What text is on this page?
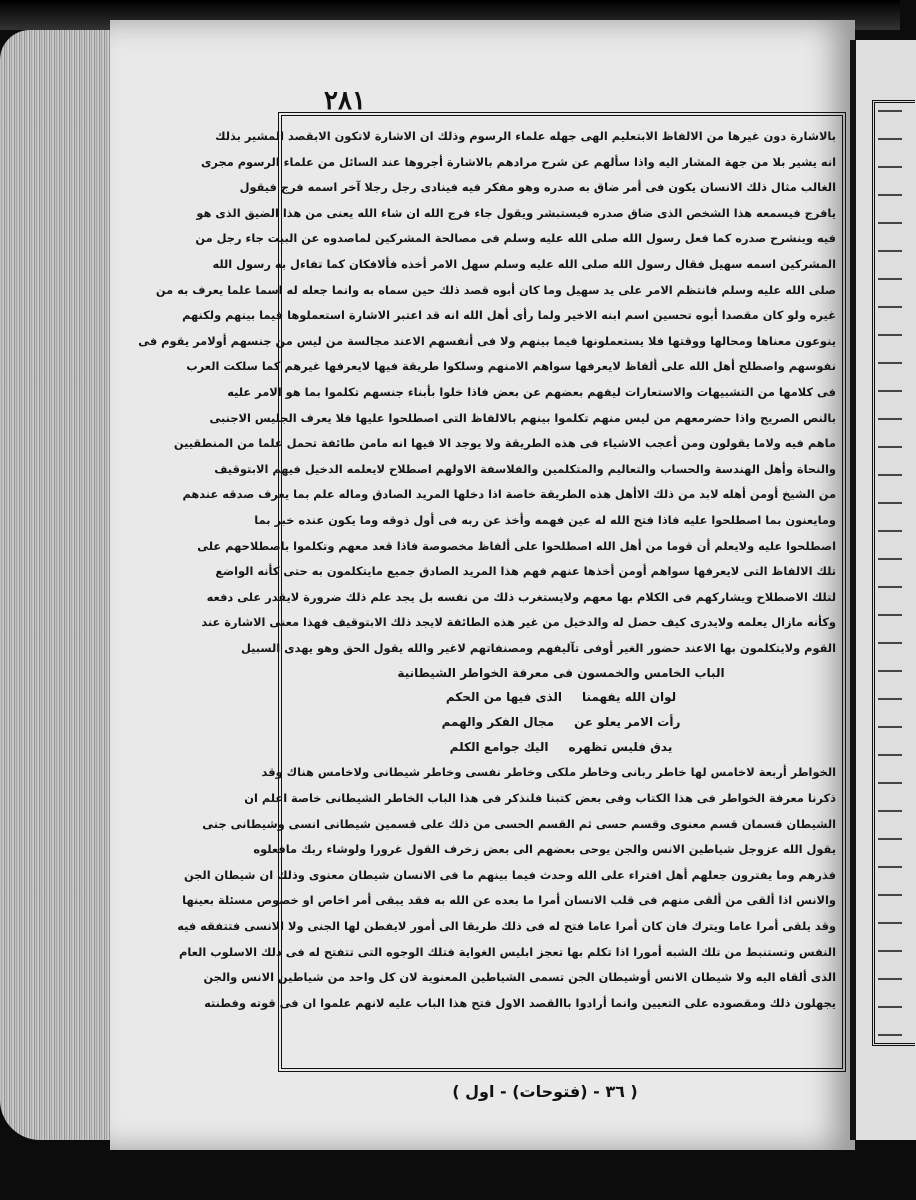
٢٨١
بالاشارة دون غيرها من الالفاظ الابتعليم الهى جهله علماء الرسوم وذلك ان الاشارة لاتكون الابقصد المشير بذلك
انه يشير بلا من جهة المشار اليه واذا سألهم عن شرح مرادهم بالاشارة أجروها عند السائل من علماء الرسوم مجرى
الغالب مثال ذلك الانسان يكون فى أمر ضاق به صدره وهو مفكر فيه فينادى رجل رجلا آخر اسمه فرج فيقول
يافرج فيسمعه هذا الشخص الذى ضاق صدره فيستبشر ويقول جاء فرج الله ان شاء الله يعنى من هذا الضيق الذى هو
فيه وينشرح صدره كما فعل رسول الله صلى الله عليه وسلم فى مصالحة المشركين لماصدوه عن البيت جاء رجل من
المشركين اسمه سهيل فقال رسول الله صلى الله عليه وسلم سهل الامر أخذه فألافكان كما تفاءل به رسول الله
صلى الله عليه وسلم فانتظم الامر على يد سهيل وما كان أبوه قصد ذلك حين سماه به وانما جعله له اسما علما يعرف به من
غيره ولو كان مقصدا أبوه تحسين اسم ابنه الاخير ولما رأى أهل الله انه قد اعتبر الاشارة استعملوها فيما بينهم ولكنهم
ينوعون معناها ومحالها ووقتها فلا يستعملونها فيما بينهم ولا فى أنفسهم الاعند مجالسة من ليس من جنسهم أولامر يقوم فى
نفوسهم واصطلح أهل الله على ألفاظ لايعرفها سواهم الامنهم وسلكوا طريقة فيها لايعرفها غيرهم كما سلكت العرب
فى كلامها من التشبيهات والاستعارات ليفهم بعضهم عن بعض فاذا خلوا بأبناء جنسهم تكلموا بما هو الامر عليه
بالنص الصريح واذا حضرمعهم من ليس منهم تكلموا بينهم بالالفاظ التى اصطلحوا عليها فلا يعرف الجليس الاجنبى
ماهم فيه ولاما يقولون ومن أعجب الاشياء فى هذه الطريقة ولا يوجد الا فيها انه مامن طائفة تحمل علما من المنطقيين
والنحاة وأهل الهندسة والحساب والتعاليم والمتكلمين والفلاسفة الاولهم اصطلاح لايعلمه الدخيل فيهم الابتوقيف
من الشيخ أومن أهله لابد من ذلك الاأهل هذه الطريقة خاصة اذا دخلها المريد الصادق وماله علم بما يعرف صدقه عندهم
ومايعنون بما اصطلحوا عليه فاذا فتح الله له عين فهمه وأخذ عن ربه فى أول ذوقه وما يكون عنده خبر بما
اصطلحوا عليه ولايعلم أن قوما من أهل الله اصطلحوا على ألفاظ مخصوصة فاذا قعد معهم وتكلموا باصطلاحهم على
تلك الالفاظ التى لايعرفها سواهم أومن أخذها عنهم فهم هذا المريد الصادق جميع مايتكلمون به حتى كأنه الواضع
لتلك الاصطلاح ويشاركهم فى الكلام بها معهم ولايستغرب ذلك من نفسه بل يجد علم ذلك ضرورة لايقدر على دفعه
وكأنه مازال يعلمه ولايدرى كيف حصل له والدخيل من غير هذه الطائفة لايجد ذلك الابتوقيف فهذا معنى الاشارة عند
القوم ولايتكلمون بها الاعند حضور الغير أوفى تآليفهم ومصنفاتهم لاغير والله يقول الحق وهو يهدى السبيل
الباب الخامس والخمسون فى معرفة الخواطر الشيطانية
لوان الله يفهمنا
الذى فيها من الحكم
رأت الامر يعلو عن
مجال الفكر والهمم
يدق فليس تظهره
اليك جوامع الكلم
الخواطر أربعة لاخامس لها خاطر ربانى وخاطر ملكى وخاطر نفسى وخاطر شيطانى ولاخامس هناك وقد
ذكرنا معرفة الخواطر فى هذا الكتاب وفى بعض كتبنا فلنذكر فى هذا الباب الخاطر الشيطانى خاصة اعلم ان
الشيطان قسمان قسم معنوى وقسم حسى ثم القسم الحسى من ذلك على قسمين شيطانى انسى وشيطانى جنى
يقول الله عزوجل شياطين الانس والجن يوحى بعضهم الى بعض زخرف القول غرورا ولوشاء ربك مافعلوه
فذرهم وما يفترون جعلهم أهل افتراء على الله وحدث فيما بينهم ما فى الانسان شيطان معنوى وذلك ان شيطان الجن
والانس اذا ألقى من ألقى منهم فى قلب الانسان أمرا ما بعده عن الله به فقد يبقى أمر اخاص او خصوص مسئلة بعينها
وقد يلقى أمرا عاما ويترك فان كان أمرا عاما فتح له فى ذلك طريقا الى أمور لايفطن لها الجنى ولا الانسى فتتفقه فيه
النفس وتستنبط من تلك الشبه أمورا اذا تكلم بها تعجز ابليس الغواية فتلك الوجوه التى تتفتح له فى ذلك الاسلوب العام
الذى ألقاه اليه ولا شيطان الانس أوشيطان الجن تسمى الشياطين المعنوية لان كل واحد من شياطين الانس والجن
يجهلون ذلك ومقصوده على التعيين وانما أرادوا باالقصد الاول فتح هذا الباب عليه لانهم علموا ان فى قوته وفطنته
( ٣٦ - (فتوحات) - اول )
